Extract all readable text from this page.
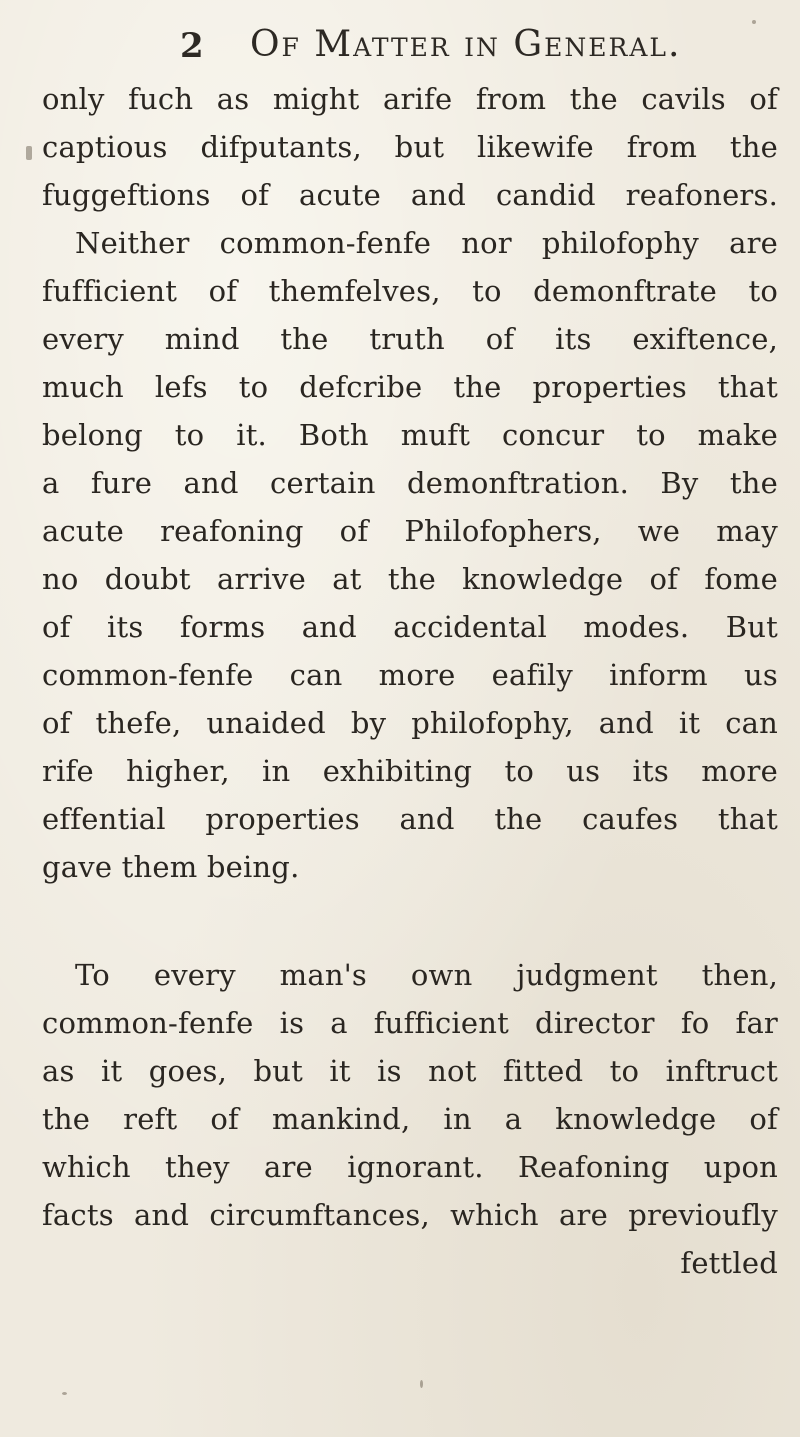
2 Of Matter in General.
only fuch as might arife from the cavils of
captious difputants, but likewife from the
fuggeftions of acute and candid reafoners.
Neither common-fenfe nor philofophy are
fufficient of themfelves, to demonftrate to
every mind the truth of its exiftence,
much lefs to defcribe the properties that
belong to it. Both muft concur to make
a fure and certain demonftration. By the
acute reafoning of Philofophers, we may
no doubt arrive at the knowledge of fome
of its forms and accidental modes. But
common-fenfe can more eafily inform us
of thefe, unaided by philofophy, and it can
rife higher, in exhibiting to us its more
effential properties and the caufes that
gave them being.
To every man's own judgment then,
common-fenfe is a fufficient director fo far
as it goes, but it is not fitted to inftruct
the reft of mankind, in a knowledge of
which they are ignorant. Reafoning upon
facts and circumftances, which are previoufly
fettled
